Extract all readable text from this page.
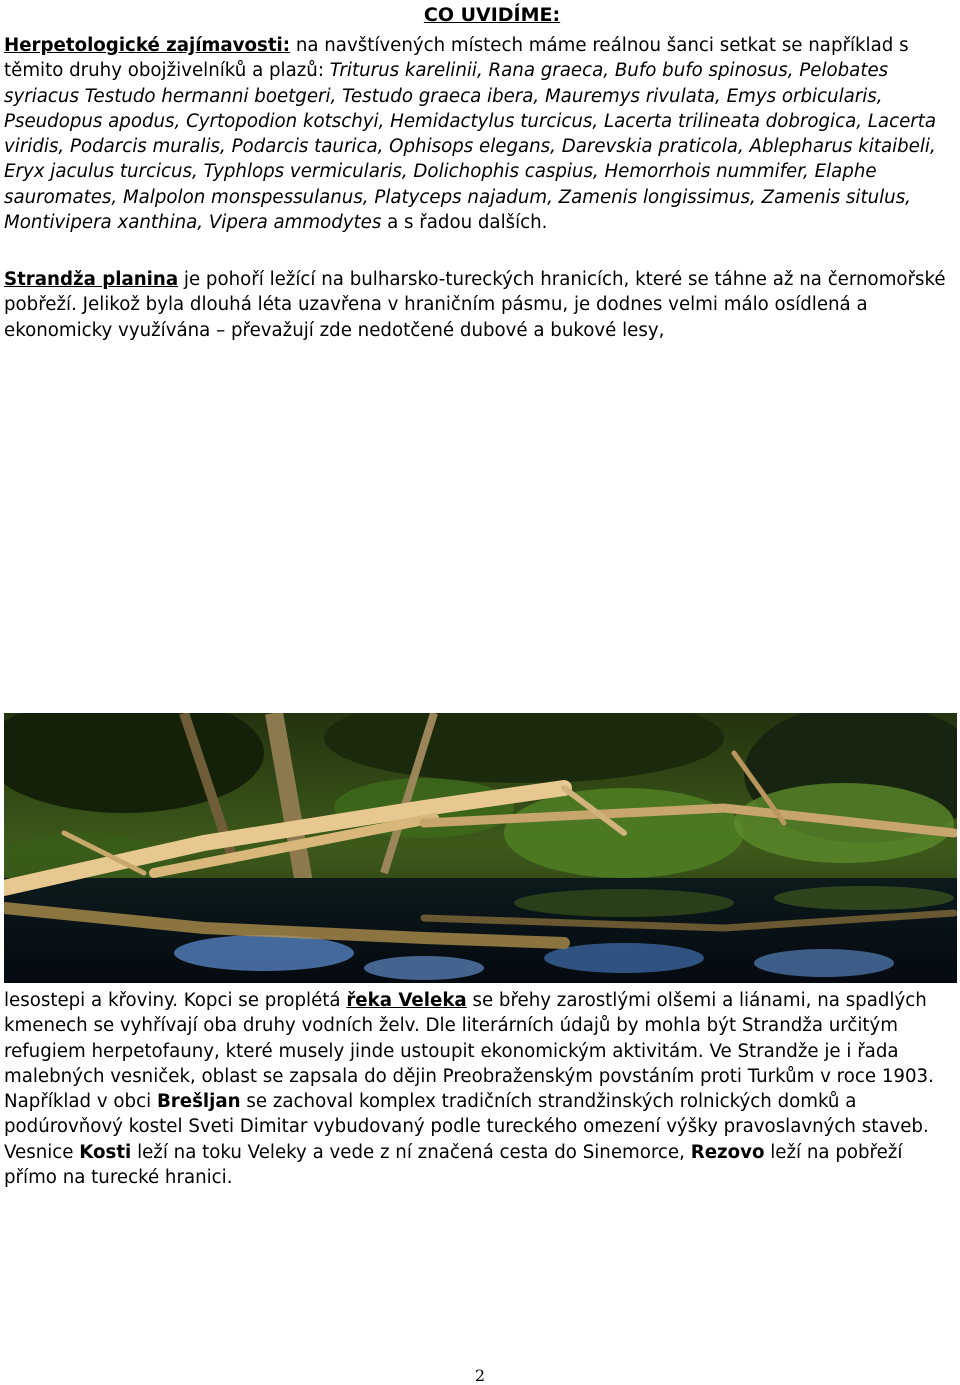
CO UVIDÍME:

Herpetologické zajímavosti: na navštívených místech máme reálnou šanci setkat se například s těmito druhy obojživelníků a plazů: Triturus karelinii, Rana graeca, Bufo bufo spinosus, Pelobates syriacus Testudo hermanni boetgeri, Testudo graeca ibera, Mauremys rivulata, Emys orbicularis, Pseudopus apodus, Cyrtopodion kotschyi, Hemidactylus turcicus, Lacerta trilineata dobrogica, Lacerta viridis, Podarcis muralis, Podarcis taurica, Ophisops elegans, Darevskia praticola, Ablepharus kitaibeli, Eryx jaculus turcicus, Typhlops vermicularis, Dolichophis caspius, Hemorrhois nummifer, Elaphe sauromates, Malpolon monspessulanus, Platyceps najadum, Zamenis longissimus, Zamenis situlus, Montivipera xanthina, Vipera ammodytes a s řadou dalších.

Strandža planina je pohoří ležící na bulharsko-tureckých hranicích, které se táhne až na černomořské pobřeží. Jelikož byla dlouhá léta uzavřena v hraničním pásmu, je dodnes velmi málo osídlená a ekonomicky využívána – převažují zde nedotčené dubové a bukové lesy,

lesostepi a křoviny. Kopci se proplétá řeka Veleka se břehy zarostlými olšemi a liánami, na spadlých kmenech se vyhřívají oba druhy vodních želv. Dle literárních údajů by mohla být Strandža určitým refugiem herpetofauny, které musely jinde ustoupit ekonomickým aktivitám. Ve Strandže je i řada malebných vesniček, oblast se zapsala do dějin Preobraženským povstáním proti Turkům v roce 1903. Například v obci Brešljan se zachoval komplex tradičních strandžinských rolnických domků a podúrovňový kostel Sveti Dimitar vybudovaný podle tureckého omezení výšky pravoslavných staveb. Vesnice Kosti leží na toku Veleky a vede z ní značená cesta do Sinemorce, Rezovo leží na pobřeží přímo na turecké hranici.

2
